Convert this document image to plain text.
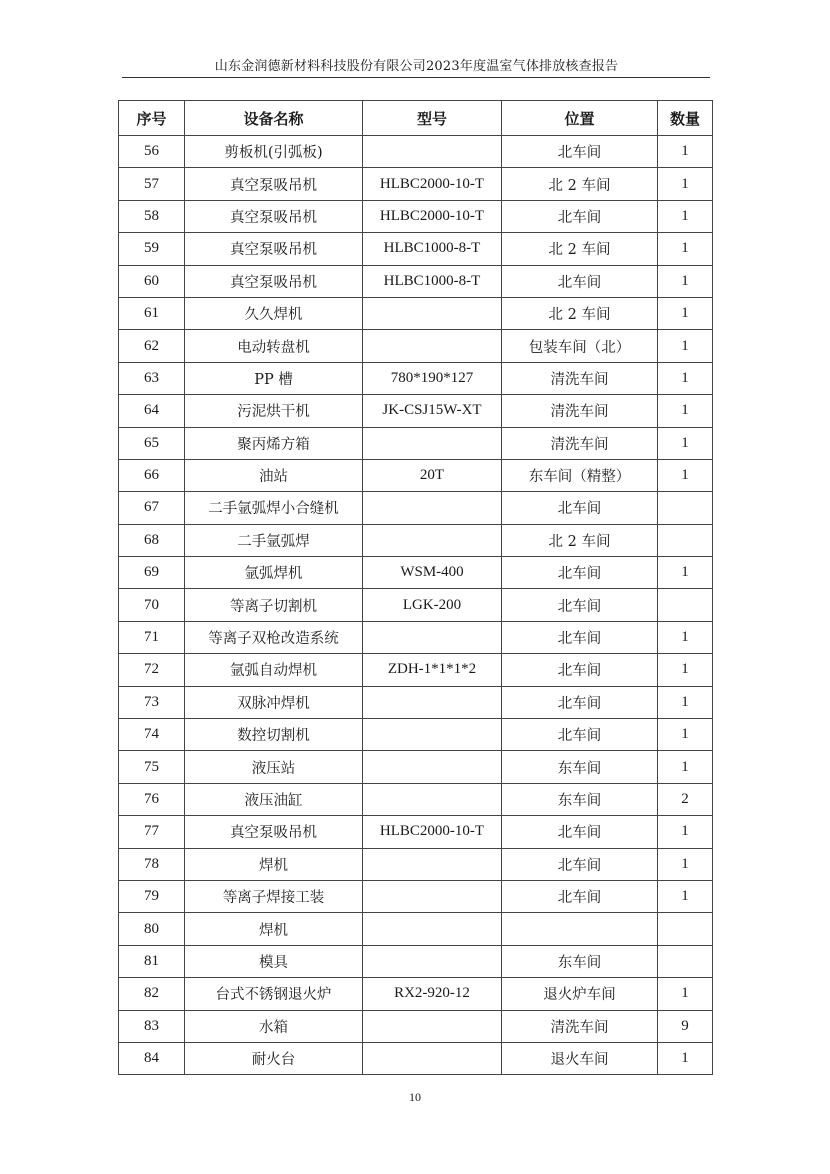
山东金润德新材料科技股份有限公司2023年度温室气体排放核查报告
序号	设备名称	型号	位置	数量
56	剪板机(引弧板)		北车间	1
57	真空泵吸吊机	HLBC2000-10-T	北 2 车间	1
58	真空泵吸吊机	HLBC2000-10-T	北车间	1
59	真空泵吸吊机	HLBC1000-8-T	北 2 车间	1
60	真空泵吸吊机	HLBC1000-8-T	北车间	1
61	久久焊机		北 2 车间	1
62	电动转盘机		包装车间（北）	1
63	PP 槽	780*190*127	清洗车间	1
64	污泥烘干机	JK-CSJ15W-XT	清洗车间	1
65	聚丙烯方箱		清洗车间	1
66	油站	20T	东车间（精整）	1
67	二手氩弧焊小合缝机		北车间	
68	二手氩弧焊		北 2 车间	
69	氩弧焊机	WSM-400	北车间	1
70	等离子切割机	LGK-200	北车间	
71	等离子双枪改造系统		北车间	1
72	氩弧自动焊机	ZDH-1*1*1*2	北车间	1
73	双脉冲焊机		北车间	1
74	数控切割机		北车间	1
75	液压站		东车间	1
76	液压油缸		东车间	2
77	真空泵吸吊机	HLBC2000-10-T	北车间	1
78	焊机		北车间	1
79	等离子焊接工装		北车间	1
80	焊机			
81	模具		东车间	
82	台式不锈钢退火炉	RX2-920-12	退火炉车间	1
83	水箱		清洗车间	9
84	耐火台		退火车间	1
10
